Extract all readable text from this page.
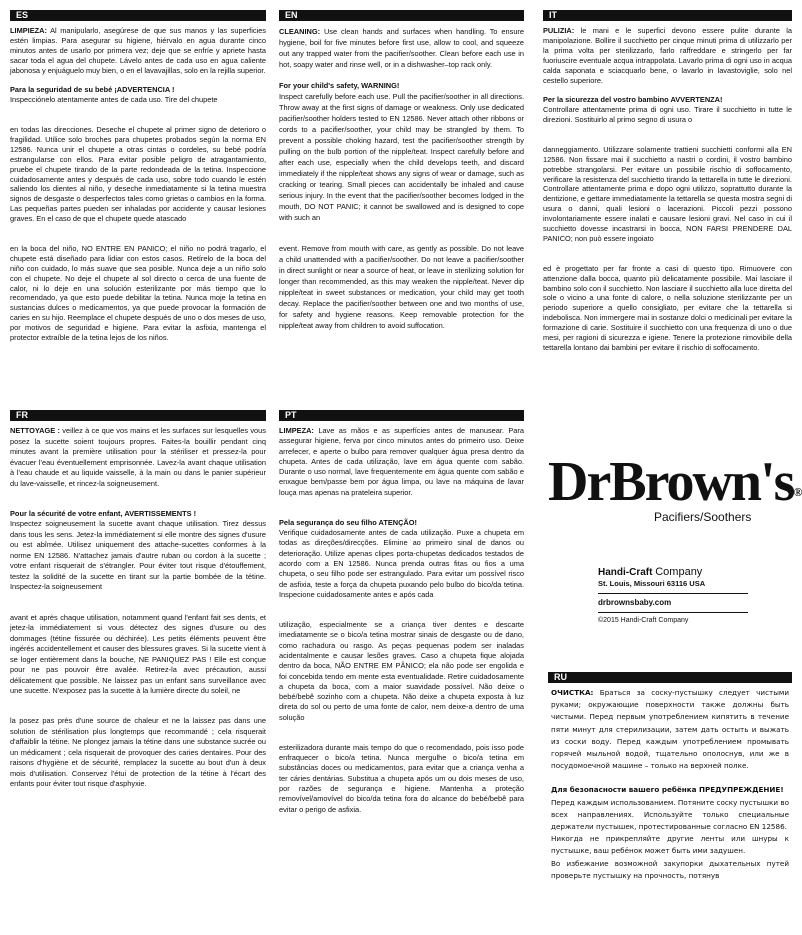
ES

LIMPIEZA: Al manipularlo, asegúrese de que sus manos y las superficies estén limpias. Para asegurar su higiene, hiérvalo en agua durante cinco minutos antes de usarlo por primera vez; deje que se enfríe y apriete hasta sacar toda el agua del chupete. Lávelo antes de cada uso en agua caliente jabonosa y enjuáguelo muy bien, o en el lavavajillas, solo en la rejilla superior.

Para la seguridad de su bebé ¡ADVERTENCIA !

Inspecciónelo atentamente antes de cada uso. Tire del chupete

en todas las direcciones. Deseche el chupete al primer signo de deterioro o fragilidad. Utilice solo broches para chupetes probados según la norma EN 12586. Nunca unir el chupete a otras cintas o cordeles, su bebé podría estrangularse con ellos. Para evitar posible peligro de atragantamiento, pruebe el chupete tirando de la parte redondeada de la tetina. Inspeccione cuidadosamente antes y después de cada uso, sobre todo cuando le estén saliendo los dientes al niño, y deseche inmediatamente si la tetina muestra signos de desgaste o desperfectos tales como grietas o cambios en la forma. Las pequeñas partes pueden ser inhaladas por accidente y causar lesiones graves. En el caso de que el chupete quede atascado

en la boca del niño, NO ENTRE EN PANICO; el niño no podrá tragarlo, el chupete está diseñado para lidiar con estos casos. Retírelo de la boca del niño con cuidado, lo más suave que sea posible. Nunca deje a un niño solo con el chupete. No deje el chupete al sol directo o cerca de una fuente de calor, ni lo deje en una solución esterilizante por más tiempo que lo recomendado, ya que esto puede debilitar la tetina. Nunca moje la tetina en sustancias dulces o medicamentos, ya que puede provocar la formación de caries en su hijo. Reemplace el chupete después de uno o dos meses de uso, por motivos de seguridad e higiene. Para evitar la asfixia, mantenga el protector extraíble de la tetina lejos de los niños.

EN

CLEANING: Use clean hands and surfaces when handling. To ensure hygiene, boil for five minutes before first use, allow to cool, and squeeze out any trapped water from the pacifier/soother. Clean before each use in hot, soapy water and rinse well, or in a dishwasher–top rack only.

For your child's safety, WARNING!

Inspect carefully before each use. Pull the pacifier/soother in all directions. Throw away at the first signs of damage or weakness. Only use dedicated pacifier/soother holders tested to EN 12586. Never attach other ribbons or cords to a pacifier/soother, your child may be strangled by them. To prevent a possible choking hazard, test the pacifier/soother strength by pulling on the bulb portion of the nipple/teat. Inspect carefully before and after each use, especially when the child develops teeth, and discard immediately if the nipple/teat shows any signs of wear or damage, such as cracking or tearing. Small pieces can accidentally be inhaled and cause serious injury. In the event that the pacifier/soother becomes lodged in the mouth, DO NOT PANIC; it cannot be swallowed and is designed to cope with such an

event. Remove from mouth with care, as gently as possible. Do not leave a child unattended with a pacifier/soother. Do not leave a pacifier/soother in direct sunlight or near a source of heat, or leave in sterilizing solution for longer than recommended, as this may weaken the nipple/teat. Never dip nipple/teat in sweet substances or medication, your child may get tooth decay. Replace the pacifier/soother between one and two months of use, for safety and hygiene reasons. Keep removable protection for the nipple/teat away from children to avoid suffocation.

IT

PULIZIA: le mani e le superfici devono essere pulite durante la manipolazione. Bollire il succhietto per cinque minuti prima di utilizzarlo per la prima volta per sterilizzarlo, farlo raffreddare e stringerlo per far fuoriuscire eventuale acqua intrappolata. Lavarlo prima di ogni uso in acqua calda saponata e sciacquarlo bene, o lavarlo in lavastoviglie, solo nel cestello superiore.

Per la sicurezza del vostro bambino AVVERTENZA!

Controllare attentamente prima di ogni uso. Tirare il succhietto in tutte le direzioni. Sostituirlo al primo segno di usura o

danneggiamento. Utilizzare solamente trattieni succhietti conformi alla EN 12586. Non fissare mai il succhietto a nastri o cordini, il vostro bambino potrebbe strangolarsi. Per evitare un possibile rischio di soffocamento, verificare la resistenza del succhietto tirando la tettarella in tutte le direzioni. Controllare attentamente prima e dopo ogni utilizzo, soprattutto durante la dentizione, e gettare immediatamente la tettarella se questa mostra segni di usura o danni, quali lesioni o lacerazioni. Piccoli pezzi possono involontariamente essere inalati e causare lesioni gravi. Nel caso in cui il succhietto dovesse incastrarsi in bocca, NON FARSI PRENDERE DAL PANICO; non può essere ingoiato

ed è progettato per far fronte a casi di questo tipo. Rimuovere con attenzione dalla bocca, quanto più delicatamente possibile. Mai lasciare il bambino solo con il succhietto. Non lasciare il succhietto alla luce diretta del sole o vicino a una fonte di calore, o nella soluzione sterilizzante per un periodo superiore a quello consigliato, per evitare che la tettarella si indebolisca. Non immergere mai in sostanze dolci o medicinali per evitare la formazione di carie. Sostituire il succhietto con una frequenza di uno o due mesi, per ragioni di sicurezza e igiene. Tenere la protezione rimovibile della tettarella lontano dai bambini per evitare il rischio di soffocamento.

FR

NETTOYAGE : veillez à ce que vos mains et les surfaces sur lesquelles vous posez la sucette soient toujours propres. Faites-la bouillir pendant cinq minutes avant la première utilisation pour la stériliser et pressez-la pour évacuer l'eau éventuellement emprisonnée. Lavez-la avant chaque utilisation à l'eau chaude et au liquide vaisselle, à la main ou dans le panier supérieur du lave-vaisselle, et rincez-la soigneusement.

Pour la sécurité de votre enfant, AVERTISSEMENTS !

Inspectez soigneusement la sucette avant chaque utilisation. Tirez dessus dans tous les sens. Jetez-la immédiatement si elle montre des signes d'usure ou est abîmée. Utilisez uniquement des attache-sucettes conformes à la norme EN 12586. N'attachez jamais d'autre ruban ou cordon à la sucette ; votre enfant risquerait de s'étrangler. Pour éviter tout risque d'étouffement, testez la solidité de la sucette en tirant sur la partie bombée de la tétine. Inspectez-la soigneusement

avant et après chaque utilisation, notamment quand l'enfant fait ses dents, et jetez-la immédiatement si vous détectez des signes d'usure ou des dommages (tétine fissurée ou déchirée). Les petits éléments peuvent être ingérés accidentellement et causer des blessures graves. Si la sucette vient à se loger entièrement dans la bouche, NE PANIQUEZ PAS ! Elle est conçue pour ne pas pouvoir être avalée. Retirez-la avec précaution, aussi délicatement que possible. Ne laissez pas un enfant sans surveillance avec une sucette. N'exposez pas la sucette à la lumière directe du soleil, ne

la posez pas près d'une source de chaleur et ne la laissez pas dans une solution de stérilisation plus longtemps que recommandé ; cela risquerait d'affaiblir la tétine. Ne plongez jamais la tétine dans une substance sucrée ou un médicament ; cela risquerait de provoquer des caries dentaires. Pour des raisons d'hygiène et de sécurité, remplacez la sucette au bout d'un à deux mois d'utilisation. Conservez l'étui de protection de la tétine à l'écart des enfants pour éviter tout risque d'asphyxie.

PT

LIMPEZA: Lave as mãos e as superfícies antes de manusear. Para assegurar higiene, ferva por cinco minutos antes do primeiro uso. Deixe arrefecer, e aperte o bulbo para remover qualquer água presa dentro da chupeta. Antes de cada utilização, lave em água quente com sabão. Durante o uso normal, lave frequentemente em água quente com sabão e enxague bem/passe bem por água limpa, ou lave na máquina de lavar louça mas apenas na prateleira superior.

Pela segurança do seu filho ATENÇÃO!

Verifique cuidadosamente antes de cada utilização. Puxe a chupeta em todas as direções/direcções. Elimine ao primeiro sinal de danos ou deterioração. Utilize apenas clipes porta-chupetas dedicados testados de acordo com a EN 12586. Nunca prenda outras fitas ou fios a uma chupeta, o seu filho pode ser estrangulado. Para evitar um possível risco de asfixia, teste a força da chupeta puxando pelo bulbo do bico/da tetina. Inspecione cuidadosamente antes e após cada

utilização, especialmente se a criança tiver dentes e descarte imediatamente se o bico/a tetina mostrar sinais de desgaste ou de dano, como rachadura ou rasgo. As peças pequenas podem ser inaladas acidentalmente e causar lesões graves. Caso a chupeta fique alojada dentro da boca, NÃO ENTRE EM PÂNICO; ela não pode ser engolida e foi concebida tendo em mente esta eventualidade. Retire cuidadosamente a chupeta da boca, com a maior suavidade possível. Não deixe o bebé/bebê sozinho com a chupeta. Não deixe a chupeta exposta à luz direta do sol ou perto de uma fonte de calor, nem deixe-a dentro de uma solução

esterilizadora durante mais tempo do que o recomendado, pois isso pode enfraquecer o bico/a tetina. Nunca mergulhe o bico/a tetina em substâncias doces ou medicamentos, para evitar que a criança venha a ter cáries dentárias. Substitua a chupeta após um ou dois meses de uso, por razões de segurança e higiene. Mantenha a proteção removível/amovível do bico/da tetina fora do alcance do bebé/bebê para evitar o perigo de asfixia.

DrBrown's®
Pacifiers/Soothers
Handi-Craft Company
St. Louis, Missouri 63116 USA
drbrownsbaby.com
©2015 Handi-Craft Company
RU

ОЧИСТКА: Браться за соску-пустышку следует чистыми руками; окружающие поверхности также должны быть чистыми. Перед первым употреблением кипятить в течение пяти минут для стерилизации, затем дать остыть и выжать из соски воду. Перед каждым употреблением промывать горячей мыльной водой, тщательно ополоснув, или же в посудомоечной машине – только на верхней полке.

Для безопасности вашего ребёнка ПРЕДУПРЕЖДЕНИЕ!

Перед каждым использованием. Потяните соску пустышки во всех направлениях. Используйте только специальные держатели пустышек, протестированные согласно EN 12586.

Никогда не прикрепляйте другие ленты или шнуры к пустышке, ваш ребёнок может быть ими задушен.

Во избежание возможной закупорки дыхательных путей проверьте пустышку на прочность, потянув
